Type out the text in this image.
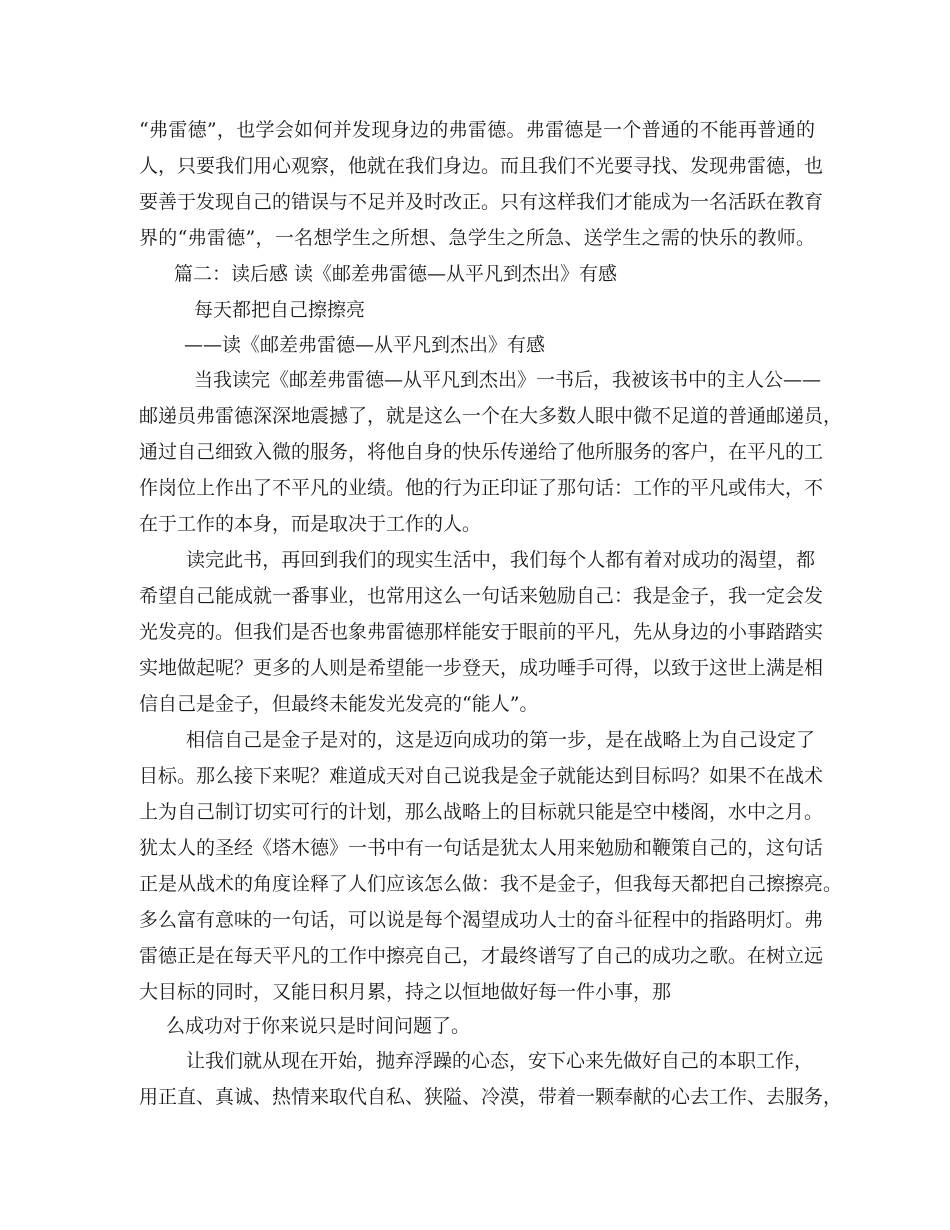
“弗雷德”，也学会如何并发现身边的弗雷德。弗雷德是一个普通的不能再普通的
人，只要我们用心观察，他就在我们身边。而且我们不光要寻找、发现弗雷德，也
要善于发现自己的错误与不足并及时改正。只有这样我们才能成为一名活跃在教育
界的“弗雷德”，一名想学生之所想、急学生之所急、送学生之需的快乐的教师。
篇二：读后感 读《邮差弗雷德—从平凡到杰出》有感
每天都把自己擦擦亮
——读《邮差弗雷德—从平凡到杰出》有感
当我读完《邮差弗雷德—从平凡到杰出》一书后，我被该书中的主人公——
邮递员弗雷德深深地震撼了，就是这么一个在大多数人眼中微不足道的普通邮递员，
通过自己细致入微的服务，将他自身的快乐传递给了他所服务的客户，在平凡的工
作岗位上作出了不平凡的业绩。他的行为正印证了那句话：工作的平凡或伟大，不
在于工作的本身，而是取决于工作的人。
读完此书，再回到我们的现实生活中，我们每个人都有着对成功的渴望，都
希望自己能成就一番事业，也常用这么一句话来勉励自己：我是金子，我一定会发
光发亮的。但我们是否也象弗雷德那样能安于眼前的平凡，先从身边的小事踏踏实
实地做起呢？更多的人则是希望能一步登天，成功唾手可得，以致于这世上满是相
信自己是金子，但最终未能发光发亮的“能人”。
相信自己是金子是对的，这是迈向成功的第一步，是在战略上为自己设定了
目标。那么接下来呢？难道成天对自己说我是金子就能达到目标吗？如果不在战术
上为自己制订切实可行的计划，那么战略上的目标就只能是空中楼阁，水中之月。
犹太人的圣经《塔木德》一书中有一句话是犹太人用来勉励和鞭策自己的，这句话
正是从战术的角度诠释了人们应该怎么做：我不是金子，但我每天都把自己擦擦亮。
多么富有意味的一句话，可以说是每个渴望成功人士的奋斗征程中的指路明灯。弗
雷德正是在每天平凡的工作中擦亮自己，才最终谱写了自己的成功之歌。在树立远
大目标的同时，又能日积月累，持之以恒地做好每一件小事，那
么成功对于你来说只是时间问题了。
让我们就从现在开始，抛弃浮躁的心态，安下心来先做好自己的本职工作，
用正直、真诚、热情来取代自私、狭隘、冷漠，带着一颗奉献的心去工作、去服务，
